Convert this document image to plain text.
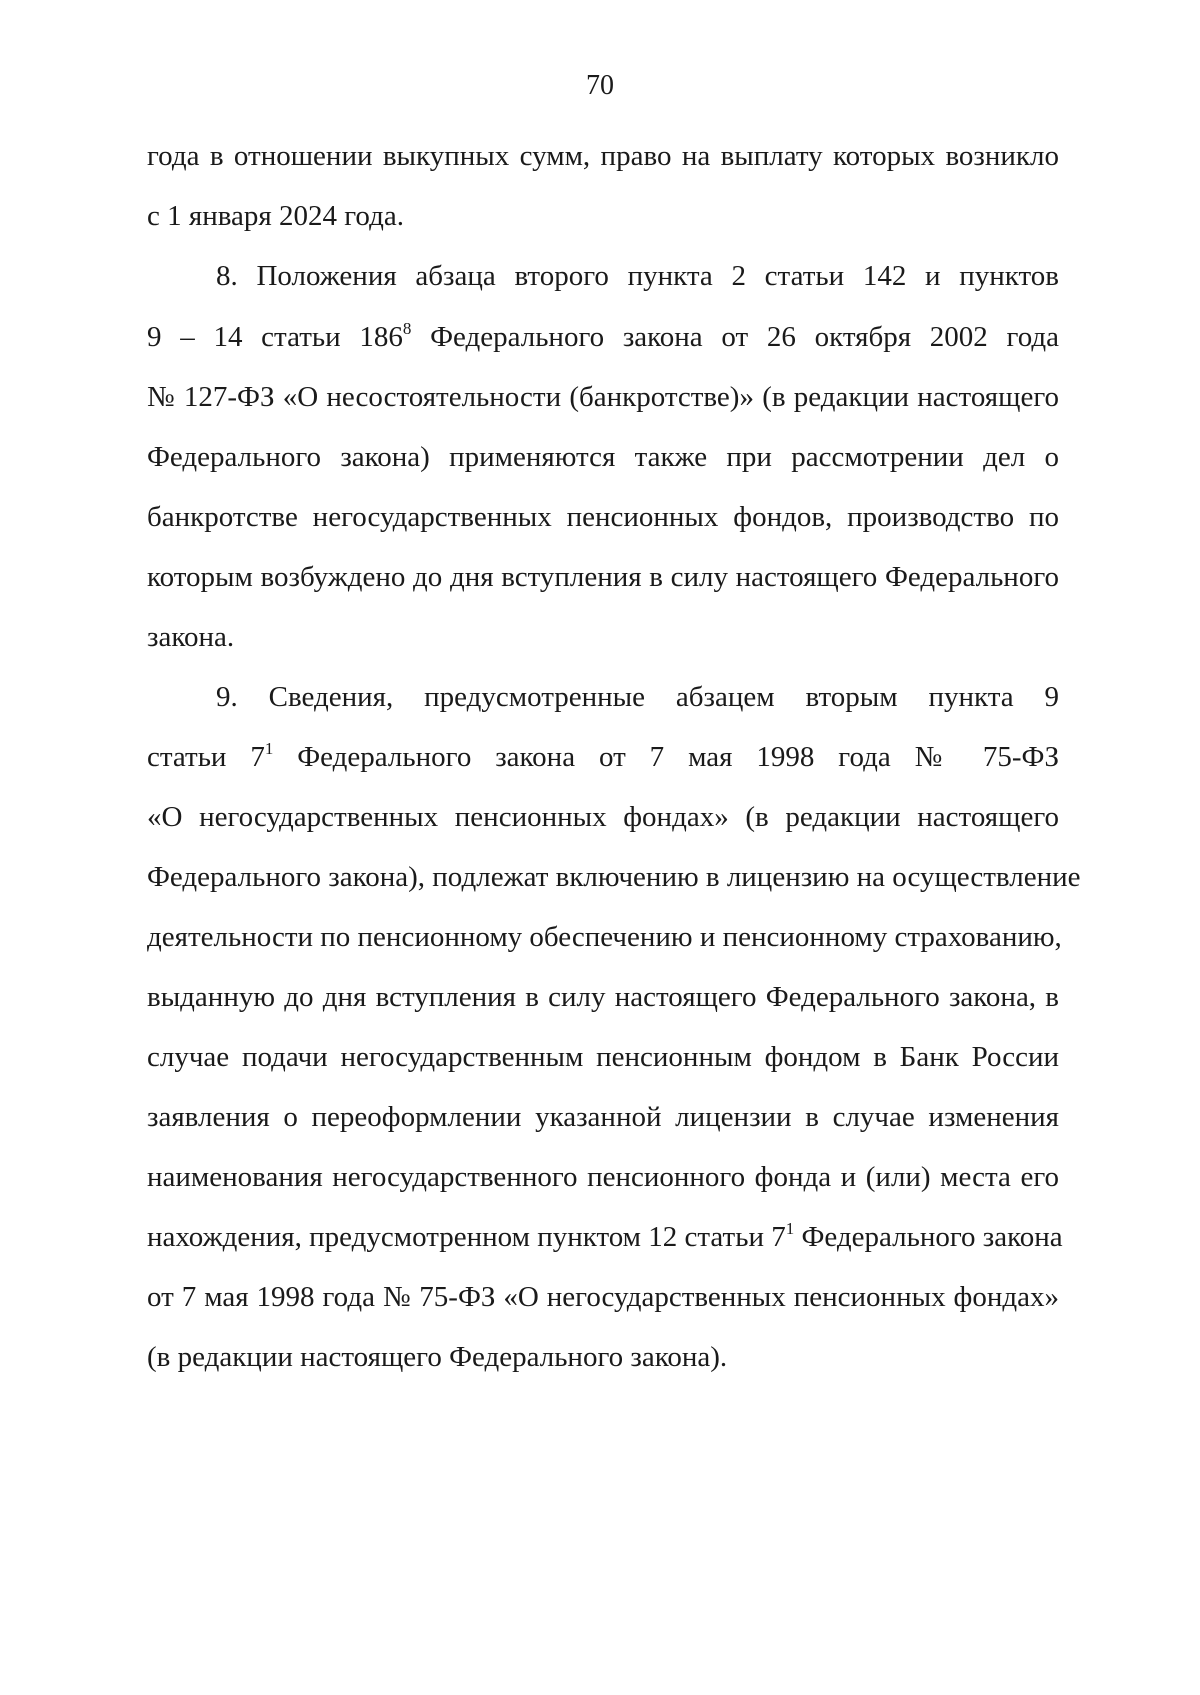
70
года в отношении выкупных сумм, право на выплату которых возникло
с 1 января 2024 года.
8. Положения абзаца второго пункта 2 статьи 142 и пунктов
9 – 14 статьи $186^8$ Федерального закона от 26 октября 2002 года
№ 127-ФЗ «О несостоятельности (банкротстве)» (в редакции настоящего
Федерального закона) применяются также при рассмотрении дел о
банкротстве негосударственных пенсионных фондов, производство по
которым возбуждено до дня вступления в силу настоящего Федерального
закона.
9. Сведения, предусмотренные абзацем вторым пункта 9
статьи $7^1$ Федерального закона от 7 мая 1998 года № 75-ФЗ
«О негосударственных пенсионных фондах» (в редакции настоящего
Федерального закона), подлежат включению в лицензию на осуществление
деятельности по пенсионному обеспечению и пенсионному страхованию,
выданную до дня вступления в силу настоящего Федерального закона, в
случае подачи негосударственным пенсионным фондом в Банк России
заявления о переоформлении указанной лицензии в случае изменения
наименования негосударственного пенсионного фонда и (или) места его
нахождения, предусмотренном пунктом 12 статьи $7^1$ Федерального закона
от 7 мая 1998 года № 75-ФЗ «О негосударственных пенсионных фондах»
(в редакции настоящего Федерального закона).
